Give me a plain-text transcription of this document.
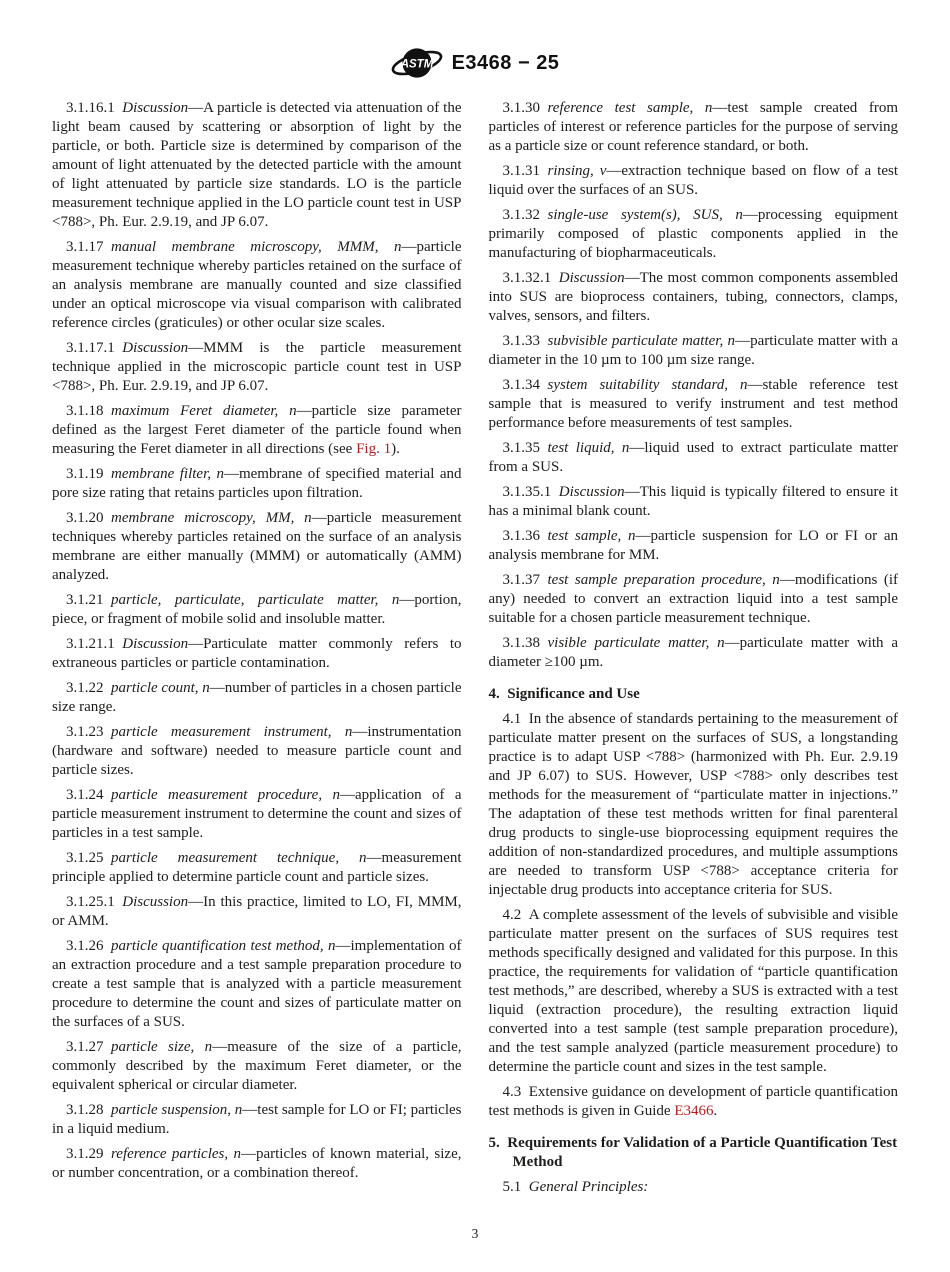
ASTM E3468 − 25

3.1.16.1 Discussion—A particle is detected via attenuation of the light beam caused by scattering or absorption of light by the particle, or both. Particle size is determined by comparison of the amount of light attenuated by the detected particle with the amount of light attenuated by particle size standards. LO is the particle measurement technique applied in the LO particle count test in USP <788>, Ph. Eur. 2.9.19, and JP 6.07.

3.1.17 manual membrane microscopy, MMM, n—particle measurement technique whereby particles retained on the surface of an analysis membrane are manually counted and size classified under an optical microscope via visual comparison with calibrated reference circles (graticules) or other ocular size scales.

3.1.17.1 Discussion—MMM is the particle measurement technique applied in the microscopic particle count test in USP <788>, Ph. Eur. 2.9.19, and JP 6.07.

3.1.18 maximum Feret diameter, n—particle size parameter defined as the largest Feret diameter of the particle found when measuring the Feret diameter in all directions (see Fig. 1).

3.1.19 membrane filter, n—membrane of specified material and pore size rating that retains particles upon filtration.

3.1.20 membrane microscopy, MM, n—particle measurement techniques whereby particles retained on the surface of an analysis membrane are either manually (MMM) or automatically (AMM) analyzed.

3.1.21 particle, particulate, particulate matter, n—portion, piece, or fragment of mobile solid and insoluble matter.

3.1.21.1 Discussion—Particulate matter commonly refers to extraneous particles or particle contamination.

3.1.22 particle count, n—number of particles in a chosen particle size range.

3.1.23 particle measurement instrument, n—instrumentation (hardware and software) needed to measure particle count and particle sizes.

3.1.24 particle measurement procedure, n—application of a particle measurement instrument to determine the count and sizes of particles in a test sample.

3.1.25 particle measurement technique, n—measurement principle applied to determine particle count and particle sizes.

3.1.25.1 Discussion—In this practice, limited to LO, FI, MMM, or AMM.

3.1.26 particle quantification test method, n—implementation of an extraction procedure and a test sample preparation procedure to create a test sample that is analyzed with a particle measurement procedure to determine the count and sizes of particulate matter on the surfaces of a SUS.

3.1.27 particle size, n—measure of the size of a particle, commonly described by the maximum Feret diameter, or the equivalent spherical or circular diameter.

3.1.28 particle suspension, n—test sample for LO or FI; particles in a liquid medium.

3.1.29 reference particles, n—particles of known material, size, or number concentration, or a combination thereof.

3.1.30 reference test sample, n—test sample created from particles of interest or reference particles for the purpose of serving as a particle size or count reference standard, or both.

3.1.31 rinsing, v—extraction technique based on flow of a test liquid over the surfaces of an SUS.

3.1.32 single-use system(s), SUS, n—processing equipment primarily composed of plastic components applied in the manufacturing of biopharmaceuticals.

3.1.32.1 Discussion—The most common components assembled into SUS are bioprocess containers, tubing, connectors, clamps, valves, sensors, and filters.

3.1.33 subvisible particulate matter, n—particulate matter with a diameter in the 10 µm to 100 µm size range.

3.1.34 system suitability standard, n—stable reference test sample that is measured to verify instrument and test method performance before measurements of test samples.

3.1.35 test liquid, n—liquid used to extract particulate matter from a SUS.

3.1.35.1 Discussion—This liquid is typically filtered to ensure it has a minimal blank count.

3.1.36 test sample, n—particle suspension for LO or FI or an analysis membrane for MM.

3.1.37 test sample preparation procedure, n—modifications (if any) needed to convert an extraction liquid into a test sample suitable for a chosen particle measurement technique.

3.1.38 visible particulate matter, n—particulate matter with a diameter ≥100 µm.

4. Significance and Use

4.1 In the absence of standards pertaining to the measurement of particulate matter present on the surfaces of SUS, a longstanding practice is to adapt USP <788> (harmonized with Ph. Eur. 2.9.19 and JP 6.07) to SUS. However, USP <788> only describes test methods for the measurement of “particulate matter in injections.” The adaptation of these test methods written for final parenteral drug products to single-use bioprocessing equipment requires the addition of non-standardized procedures, and multiple assumptions are needed to transform USP <788> acceptance criteria for injectable drug products into acceptance criteria for SUS.

4.2 A complete assessment of the levels of subvisible and visible particulate matter present on the surfaces of SUS requires test methods specifically designed and validated for this purpose. In this practice, the requirements for validation of “particle quantification test methods,” are described, whereby a SUS is extracted with a test liquid (extraction procedure), the resulting extraction liquid converted into a test sample (test sample preparation procedure), and the test sample analyzed (particle measurement procedure) to determine the particle count and sizes in the test sample.

4.3 Extensive guidance on development of particle quantification test methods is given in Guide E3466.

5. Requirements for Validation of a Particle Quantification Test Method

5.1 General Principles:

3
